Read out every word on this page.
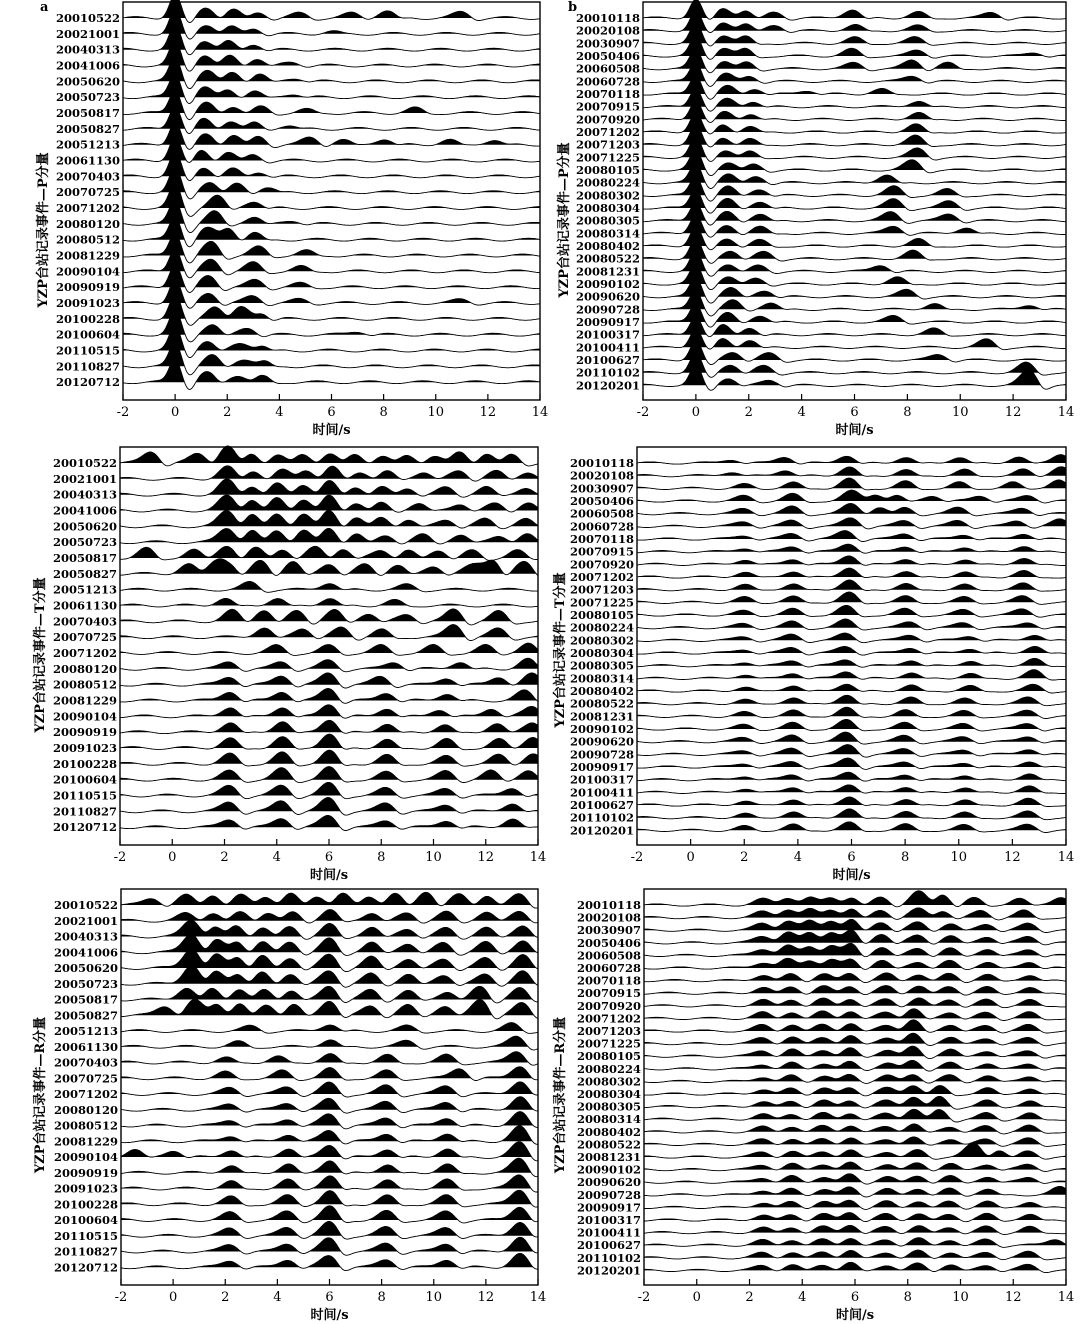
a	b
20010522
20021001
20040313
20041006
20050620
20050723
20050817
20050827
20051213
20061130
20070403
20070725
20071202
20080120
20080512
20081229
20090104
20090919
20091023
20100228
20100604
20110515
20110827
20120712
-2	0	2	4	6	8	10	12	14
时间/s
YZP台站记录事件—P分量
20010118
20020108
20030907
20050406
20060508
20060728
20070118
20070915
20070920
20071202
20071203
20071225
20080105
20080224
20080302
20080304
20080305
20080314
20080402
20080522
20081231
20090102
20090620
20090728
20090917
20100317
20100411
20100627
20110102
20120201
-2	0	2	4	6	8	10	12	14
时间/s
YZP台站记录事件—P分量
20010522
20021001
20040313
20041006
20050620
20050723
20050817
20050827
20051213
20061130
20070403
20070725
20071202
20080120
20080512
20081229
20090104
20090919
20091023
20100228
20100604
20110515
20110827
20120712
-2	0	2	4	6	8	10	12	14
时间/s
YZP台站记录事件—T分量
20010118
20020108
20030907
20050406
20060508
20060728
20070118
20070915
20070920
20071202
20071203
20071225
20080105
20080224
20080302
20080304
20080305
20080314
20080402
20080522
20081231
20090102
20090620
20090728
20090917
20100317
20100411
20100627
20110102
20120201
-2	0	2	4	6	8	10	12	14
时间/s
YZP台站记录事件—T分量
20010522
20021001
20040313
20041006
20050620
20050723
20050817
20050827
20051213
20061130
20070403
20070725
20071202
20080120
20080512
20081229
20090104
20090919
20091023
20100228
20100604
20110515
20110827
20120712
-2	0	2	4	6	8	10	12	14
时间/s
YZP台站记录事件—R分量
20010118
20020108
20030907
20050406
20060508
20060728
20070118
20070915
20070920
20071202
20071203
20071225
20080105
20080224
20080302
20080304
20080305
20080314
20080402
20080522
20081231
20090102
20090620
20090728
20090917
20100317
20100411
20100627
20110102
20120201
-2	0	2	4	6	8	10	12	14
时间/s
YZP台站记录事件—R分量
